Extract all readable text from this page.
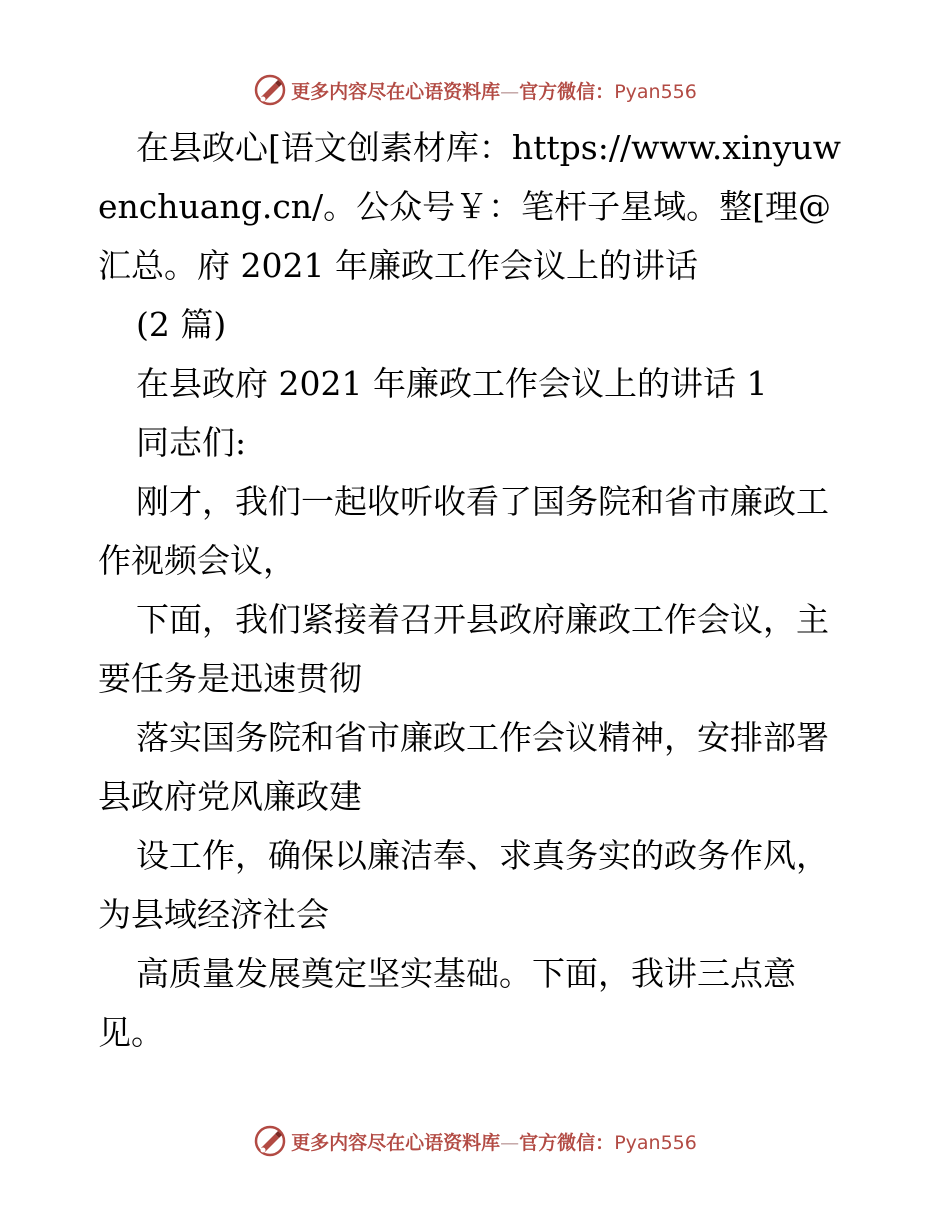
更多内容尽在心语资料库—官方微信：Pyan556

在县政心[语文创素材库：https://www.xinyuwenchuang.cn/。公众号￥：笔杆子星域。整[理@汇总。府 2021 年廉政工作会议上的讲话

(2 篇)

在县政府 2021 年廉政工作会议上的讲话 1

同志们:

刚才，我们一起收听收看了国务院和省市廉政工作视频会议，

下面，我们紧接着召开县政府廉政工作会议，主要任务是迅速贯彻

落实国务院和省市廉政工作会议精神，安排部署县政府党风廉政建

设工作，确保以廉洁奉、求真务实的政务作风，为县域经济社会

高质量发展奠定坚实基础。下面，我讲三点意见。

更多内容尽在心语资料库—官方微信：Pyan556
